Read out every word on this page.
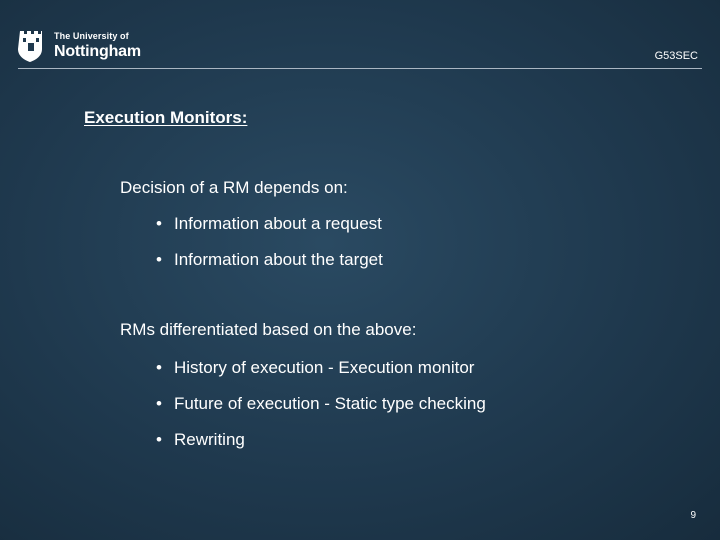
The University of
Nottingham	G53SEC
Execution Monitors:
Decision of a RM depends on:
• Information about a request
• Information about the target
RMs differentiated based on the above:
• History of execution - Execution monitor
• Future of execution - Static type checking
• Rewriting
9
